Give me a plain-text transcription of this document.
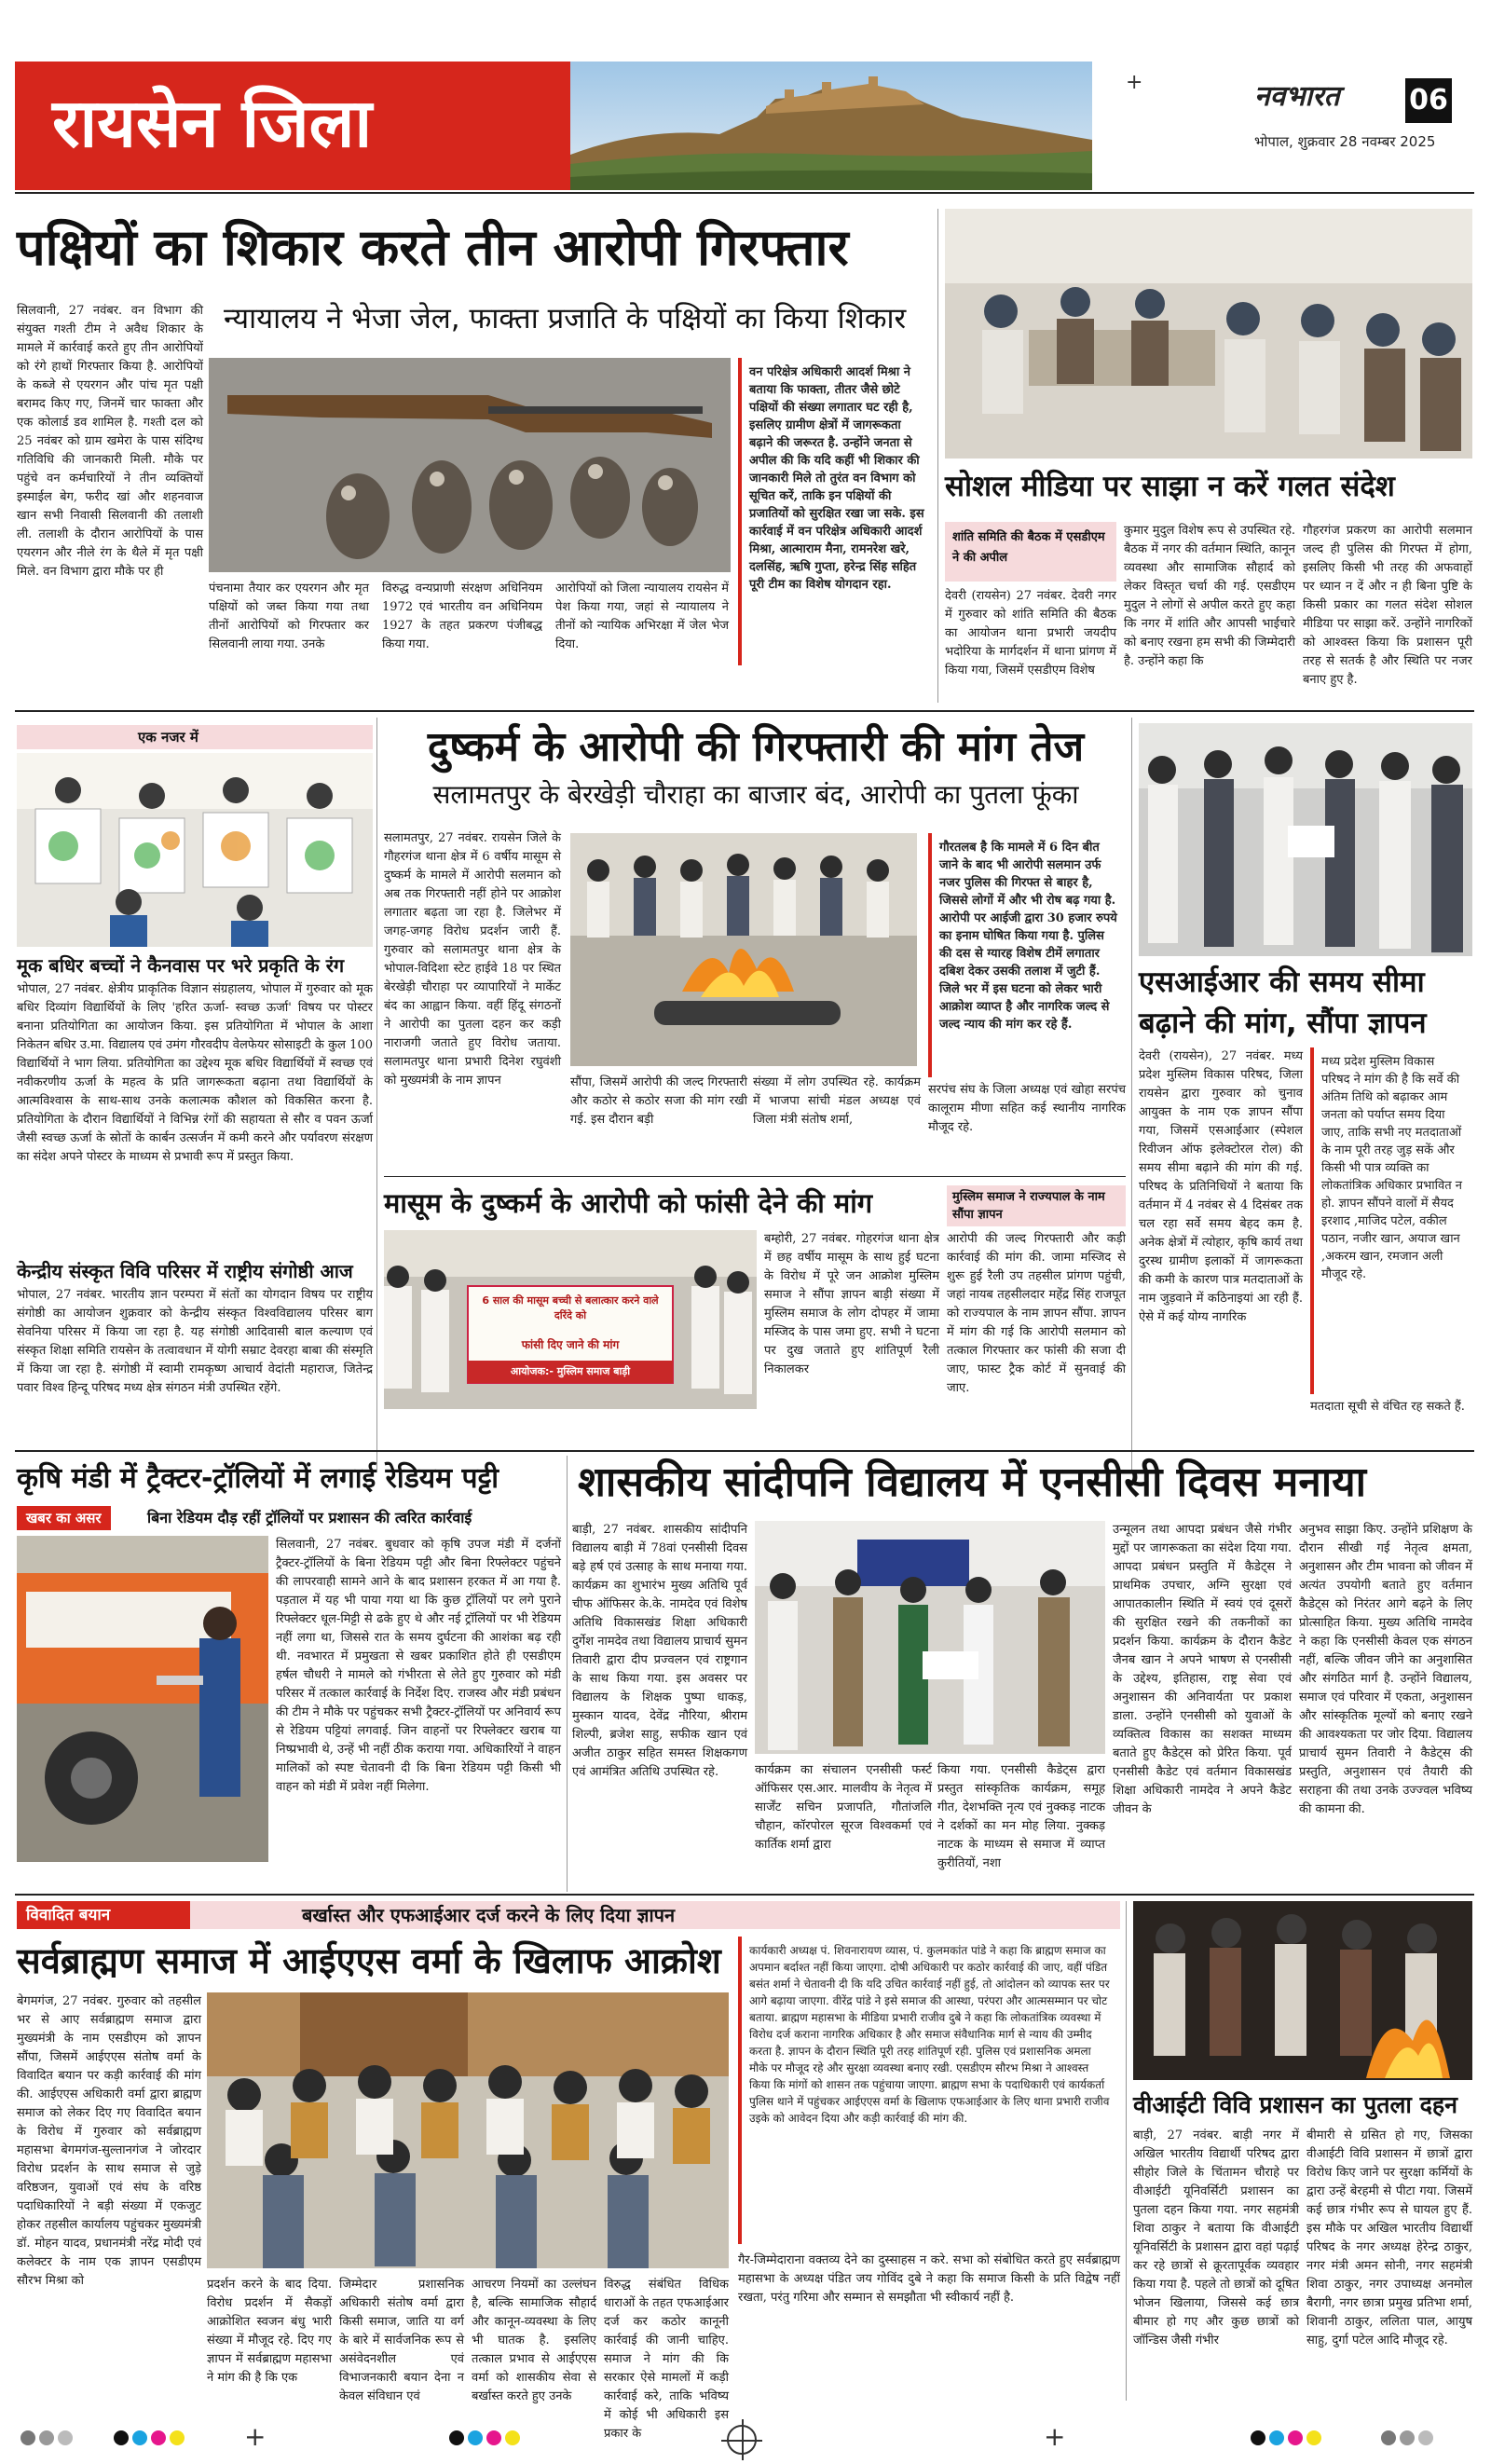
रायसेन जिला
+	नवभारत 06
भोपाल, शुक्रवार 28 नवम्बर 2025
पक्षियों का शिकार करते तीन आरोपी गिरफ्तार
न्यायालय ने भेजा जेल, फाक्ता प्रजाति के पक्षियों का किया शिकार
सिलवानी, 27 नवंबर. वन विभाग की संयुक्त गश्ती टीम ने अवैध शिकार के मामले में कार्रवाई करते हुए तीन आरोपियों को रंगे हाथों गिरफ्तार किया है. आरोपियों के कब्जे से एयरगन और पांच मृत पक्षी बरामद किए गए, जिनमें चार फाक्ता और एक कोलार्ड डव शामिल है. गश्ती दल को 25 नवंबर को ग्राम खमेरा के पास संदिग्ध गतिविधि की जानकारी मिली. मौके पर पहुंचे वन कर्मचारियों ने तीन व्यक्तियों इस्माईल बेग, फरीद खां और शहनवाज खान सभी निवासी सिलवानी की तलाशी ली. तलाशी के दौरान आरोपियों के पास एयरगन और नीले रंग के थैले में मृत पक्षी मिले. वन विभाग द्वारा मौके पर ही
वन परिक्षेत्र अधिकारी आदर्श मिश्रा ने बताया कि फाक्ता, तीतर जैसे छोटे पक्षियों की संख्या लगातार घट रही है, इसलिए ग्रामीण क्षेत्रों में जागरूकता बढ़ाने की जरूरत है. उन्होंने जनता से अपील की कि यदि कहीं भी शिकार की जानकारी मिले तो तुरंत वन विभाग को सूचित करें, ताकि इन पक्षियों की प्रजातियों को सुरक्षित रखा जा सके. इस कार्रवाई में वन परिक्षेत्र अधिकारी आदर्श मिश्रा, आत्माराम मैना, रामनरेश खरे, दलसिंह, ऋषि गुप्ता, हरेन्द्र सिंह सहित पूरी टीम का विशेष योगदान रहा.
पंचनामा तैयार कर एयरगन और मृत पक्षियों को जब्त किया गया तथा तीनों आरोपियों को गिरफ्तार कर सिलवानी लाया गया. उनके
विरुद्ध वन्यप्राणी संरक्षण अधिनियम 1972 एवं भारतीय वन अधिनियम 1927 के तहत प्रकरण पंजीबद्ध किया गया.
आरोपियों को जिला न्यायालय रायसेन में पेश किया गया, जहां से न्यायालय ने तीनों को न्यायिक अभिरक्षा में जेल भेज दिया.
सोशल मीडिया पर साझा न करें गलत संदेश
शांति समिति की बैठक में एसडीएम ने की अपील
देवरी (रायसेन) 27 नवंबर. देवरी नगर में गुरुवार को शांति समिति की बैठक का आयोजन थाना प्रभारी जयदीप भदोरिया के मार्गदर्शन में थाना प्रांगण में किया गया, जिसमें एसडीएम विशेष
कुमार मुदुल विशेष रूप से उपस्थित रहे. बैठक में नगर की वर्तमान स्थिति, कानून व्यवस्था और सामाजिक सौहार्द को लेकर विस्तृत चर्चा की गई. एसडीएम मुदुल ने लोगों से अपील करते हुए कहा कि नगर में शांति और आपसी भाईचारे को बनाए रखना हम सभी की जिम्मेदारी है. उन्होंने कहा कि
गौहरगंज प्रकरण का आरोपी सलमान जल्द ही पुलिस की गिरफ्त में होगा, इसलिए किसी भी तरह की अफवाहों पर ध्यान न दें और न ही बिना पुष्टि के किसी प्रकार का गलत संदेश सोशल मीडिया पर साझा करें. उन्होंने नागरिकों को आश्वस्त किया कि प्रशासन पूरी तरह से सतर्क है और स्थिति पर नजर बनाए हुए है.
एक नजर में
मूक बधिर बच्चों ने कैनवास पर भरे प्रकृति के रंग
भोपाल, 27 नवंबर. क्षेत्रीय प्राकृतिक विज्ञान संग्रहालय, भोपाल में गुरुवार को मूक बधिर दिव्यांग विद्यार्थियों के लिए 'हरित ऊर्जा- स्वच्छ ऊर्जा' विषय पर पोस्टर बनाना प्रतियोगिता का आयोजन किया. इस प्रतियोगिता में भोपाल के आशा निकेतन बधिर उ.मा. विद्यालय एवं उमंग गौरवदीप वेलफेयर सोसाइटी के कुल 100 विद्यार्थियों ने भाग लिया. प्रतियोगिता का उद्देश्य मूक बधिर विद्यार्थियों में स्वच्छ एवं नवीकरणीय ऊर्जा के महत्व के प्रति जागरूकता बढ़ाना तथा विद्यार्थियों के आत्मविश्वास के साथ-साथ उनके कलात्मक कौशल को विकसित करना है. प्रतियोगिता के दौरान विद्यार्थियों ने विभिन्न रंगों की सहायता से सौर व पवन ऊर्जा जैसी स्वच्छ ऊर्जा के स्रोतों के कार्बन उत्सर्जन में कमी करने और पर्यावरण संरक्षण का संदेश अपने पोस्टर के माध्यम से प्रभावी रूप में प्रस्तुत किया.
केन्द्रीय संस्कृत विवि परिसर में राष्ट्रीय संगोष्ठी आज
भोपाल, 27 नवंबर. भारतीय ज्ञान परम्परा में संतों का योगदान विषय पर राष्ट्रीय संगोष्ठी का आयोजन शुक्रवार को केन्द्रीय संस्कृत विश्वविद्यालय परिसर बाग सेवनिया परिसर में किया जा रहा है. यह संगोष्ठी आदिवासी बाल कल्याण एवं संस्कृत शिक्षा समिति रायसेन के तत्वावधान में योगी सम्राट देवरहा बाबा की संस्मृति में किया जा रहा है. संगोष्ठी में स्वामी रामकृष्ण आचार्य वेदांती महाराज, जितेन्द्र पवार विश्व हिन्दू परिषद मध्य क्षेत्र संगठन मंत्री उपस्थित रहेंगे.
दुष्कर्म के आरोपी की गिरफ्तारी की मांग तेज
सलामतपुर के बेरखेड़ी चौराहा का बाजार बंद, आरोपी का पुतला फूंका
सलामतपुर, 27 नवंबर. रायसेन जिले के गौहरगंज थाना क्षेत्र में 6 वर्षीय मासूम से दुष्कर्म के मामले में आरोपी सलमान को अब तक गिरफ्तारी नहीं होने पर आक्रोश लगातार बढ़ता जा रहा है. जिलेभर में जगह-जगह विरोध प्रदर्शन जारी हैं. गुरुवार को सलामतपुर थाना क्षेत्र के भोपाल-विदिशा स्टेट हाईवे 18 पर स्थित बेरखेड़ी चौराहा पर व्यापारियों ने मार्केट बंद का आह्वान किया. वहीं हिंदू संगठनों ने आरोपी का पुतला दहन कर कड़ी नाराजगी जताते हुए विरोध जताया. सलामतपुर थाना प्रभारी दिनेश रघुवंशी को मुख्यमंत्री के नाम ज्ञापन	सौंपा, जिसमें आरोपी की जल्द गिरफ्तारी और कठोर से कठोर सजा की मांग रखी गई. इस दौरान बड़ी
संख्या में लोग उपस्थित रहे. कार्यक्रम में भाजपा सांची मंडल अध्यक्ष एवं जिला मंत्री संतोष शर्मा,
गौरतलब है कि मामले में 6 दिन बीत जाने के बाद भी आरोपी सलमान उर्फ नजर पुलिस की गिरफ्त से बाहर है, जिससे लोगों में और भी रोष बढ़ गया है. आरोपी पर आईजी द्वारा 30 हजार रुपये का इनाम घोषित किया गया है. पुलिस की दस से ग्यारह विशेष टीमें लगातार दबिश देकर उसकी तलाश में जुटी हैं. जिले भर में इस घटना को लेकर भारी आक्रोश व्याप्त है और नागरिक जल्द से जल्द न्याय की मांग कर रहे हैं.
सरपंच संघ के जिला अध्यक्ष एवं खोहा सरपंच कालूराम मीणा सहित कई स्थानीय नागरिक मौजूद रहे.
मासूम के दुष्कर्म के आरोपी को फांसी देने की मांग	मुस्लिम समाज ने राज्यपाल के नाम सौंपा ज्ञापन
6 साल की मासूम बच्ची से बलात्कार करने वाले दरिंदे को
फांसी दिए जाने की मांग
आयोजक:- मुस्लिम समाज बाड़ी
बम्होरी, 27 नवंबर. गोहरगंज थाना क्षेत्र में छह वर्षीय मासूम के साथ हुई घटना के विरोध में पूरे जन आक्रोश मुस्लिम समाज ने सौंपा ज्ञापन बाड़ी संख्या में मुस्लिम समाज के लोग दोपहर में जामा मस्जिद के पास जमा हुए. सभी ने घटना पर दुख जताते हुए शांतिपूर्ण रैली निकालकर
आरोपी की जल्द गिरफ्तारी और कड़ी कार्रवाई की मांग की. जामा मस्जिद से शुरू हुई रैली उप तहसील प्रांगण पहुंची, जहां नायब तहसीलदार महेंद्र सिंह राजपूत को राज्यपाल के नाम ज्ञापन सौंपा. ज्ञापन में मांग की गई कि आरोपी सलमान को तत्काल गिरफ्तार कर फांसी की सजा दी जाए, फास्ट ट्रैक कोर्ट में सुनवाई की जाए.
एसआईआर की समय सीमा बढ़ाने की मांग, सौंपा ज्ञापन
देवरी (रायसेन), 27 नवंबर. मध्य प्रदेश मुस्लिम विकास परिषद, जिला रायसेन द्वारा गुरुवार को चुनाव आयुक्त के नाम एक ज्ञापन सौंपा गया, जिसमें एसआईआर (स्पेशल रिवीजन ऑफ इलेक्टोरल रोल) की समय सीमा बढ़ाने की मांग की गई. परिषद के प्रतिनिधियों ने बताया कि वर्तमान में 4 नवंबर से 4 दिसंबर तक चल रहा सर्वे समय बेहद कम है. अनेक क्षेत्रों में त्योहार, कृषि कार्य तथा दुरस्थ ग्रामीण इलाकों में जागरूकता की कमी के कारण पात्र मतदाताओं के नाम जुड़वाने में कठिनाइयां आ रही हैं. ऐसे में कई योग्य नागरिक
मध्य प्रदेश मुस्लिम विकास परिषद ने मांग की है कि सर्वे की अंतिम तिथि को बढ़ाकर आम जनता को पर्याप्त समय दिया जाए, ताकि सभी नए मतदाताओं के नाम पूरी तरह जुड़ सकें और किसी भी पात्र व्यक्ति का लोकतांत्रिक अधिकार प्रभावित न हो. ज्ञापन सौंपने वालों में सैयद इरशाद ,माजिद पटेल, वकील पठान, नजीर खान, अयाज खान ,अकरम खान, रमजान अली मौजूद रहे.
मतदाता सूची से वंचित रह सकते हैं.
कृषि मंडी में ट्रैक्टर-ट्रॉलियों में लगाई रेडियम पट्टी
खबर का असर	बिना रेडियम दौड़ रहीं ट्रॉलियों पर प्रशासन की त्वरित कार्रवाई
सिलवानी, 27 नवंबर. बुधवार को कृषि उपज मंडी में दर्जनों ट्रैक्टर-ट्रॉलियों के बिना रेडियम पट्टी और बिना रिफ्लेक्टर पहुंचने की लापरवाही सामने आने के बाद प्रशासन हरकत में आ गया है. पड़ताल में यह भी पाया गया था कि कुछ ट्रॉलियों पर लगे पुराने रिफ्लेक्टर धूल-मिट्टी से ढके हुए थे और नई ट्रॉलियों पर भी रेडियम नहीं लगा था, जिससे रात के समय दुर्घटना की आशंका बढ़ रही थी. नवभारत में प्रमुखता से खबर प्रकाशित होते ही एसडीएम हर्षल चौधरी ने मामले को गंभीरता से लेते हुए गुरुवार को मंडी परिसर में तत्काल कार्रवाई के निर्देश दिए. राजस्व और मंडी प्रबंधन की टीम ने मौके पर पहुंचकर सभी ट्रैक्टर-ट्रॉलियों पर अनिवार्य रूप से रेडियम पट्टियां लगवाई. जिन वाहनों पर रिफ्लेक्टर खराब या निष्प्रभावी थे, उन्हें भी नहीं ठीक कराया गया. अधिकारियों ने वाहन मालिकों को स्पष्ट चेतावनी दी कि बिना रेडियम पट्टी किसी भी वाहन को मंडी में प्रवेश नहीं मिलेगा.
शासकीय सांदीपनि विद्यालय में एनसीसी दिवस मनाया
बाड़ी, 27 नवंबर. शासकीय सांदीपनि विद्यालय बाड़ी में 78वां एनसीसी दिवस बड़े हर्ष एवं उत्साह के साथ मनाया गया. कार्यक्रम का शुभारंभ मुख्य अतिथि पूर्व चीफ ऑफिसर के.के. नामदेव एवं विशेष अतिथि विकासखंड शिक्षा अधिकारी दुर्गेश नामदेव तथा विद्यालय प्राचार्य सुमन तिवारी द्वारा दीप प्रज्वलन एवं राष्ट्रगान के साथ किया गया. इस अवसर पर विद्यालय के शिक्षक पुष्पा धाकड़, मुस्कान यादव, देवेंद्र नौरिया, श्रीराम शिल्पी, ब्रजेश साहु, सफीक खान एवं अजीत ठाकुर सहित समस्त शिक्षकगण एवं आमंत्रित अतिथि उपस्थित रहे.	कार्यक्रम का संचालन एनसीसी फर्स्ट ऑफिसर एस.आर. मालवीय के नेतृत्व में सार्जेंट सचिन प्रजापति, गौतांजलि चौहान, कॉरपोरल सूरज विश्वकर्मा एवं कार्तिक शर्मा द्वारा
किया गया. एनसीसी कैडेट्स द्वारा प्रस्तुत सांस्कृतिक कार्यक्रम, समूह गीत, देशभक्ति नृत्य एवं नुक्कड़ नाटक ने दर्शकों का मन मोह लिया. नुक्कड़ नाटक के माध्यम से समाज में व्याप्त कुरीतियों, नशा
उन्मूलन तथा आपदा प्रबंधन जैसे गंभीर मुद्दों पर जागरूकता का संदेश दिया गया. आपदा प्रबंधन प्रस्तुति में कैडेट्स ने प्राथमिक उपचार, अग्नि सुरक्षा एवं आपातकालीन स्थिति में स्वयं एवं दूसरों की सुरक्षित रखने की तकनीकों का प्रदर्शन किया. कार्यक्रम के दौरान कैडेट जैनब खान ने अपने भाषण से एनसीसी के उद्देश्य, इतिहास, राष्ट्र सेवा एवं अनुशासन की अनिवार्यता पर प्रकाश डाला. उन्होंने एनसीसी को युवाओं के व्यक्तित्व विकास का सशक्त माध्यम बताते हुए कैडेट्स को प्रेरित किया. पूर्व एनसीसी कैडेट एवं वर्तमान विकासखंड शिक्षा अधिकारी नामदेव ने अपने कैडेट जीवन के
अनुभव साझा किए. उन्होंने प्रशिक्षण के दौरान सीखी गई नेतृत्व क्षमता, अनुशासन और टीम भावना को जीवन में अत्यंत उपयोगी बताते हुए वर्तमान कैडेट्स को निरंतर आगे बढ़ने के लिए प्रोत्साहित किया. मुख्य अतिथि नामदेव ने कहा कि एनसीसी केवल एक संगठन नहीं, बल्कि जीवन जीने का अनुशासित और संगठित मार्ग है. उन्होंने विद्यालय, समाज एवं परिवार में एकता, अनुशासन और सांस्कृतिक मूल्यों को बनाए रखने की आवश्यकता पर जोर दिया. विद्यालय प्राचार्य सुमन तिवारी ने कैडेट्स की प्रस्तुति, अनुशासन एवं तैयारी की सराहना की तथा उनके उज्ज्वल भविष्य की कामना की.
विवादित बयान	बर्खास्त और एफआईआर दर्ज करने के लिए दिया ज्ञापन
सर्वब्राह्मण समाज में आईएएस वर्मा के खिलाफ आक्रोश
बेगमगंज, 27 नवंबर. गुरुवार को तहसील भर से आए सर्वब्राह्मण समाज द्वारा मुख्यमंत्री के नाम एसडीएम को ज्ञापन सौंपा, जिसमें आईएएस संतोष वर्मा के विवादित बयान पर कड़ी कार्रवाई की मांग की. आईएएस अधिकारी वर्मा द्वारा ब्राह्मण समाज को लेकर दिए गए विवादित बयान के विरोध में गुरुवार को सर्वब्राह्मण महासभा बेगमगंज-सुल्तानगंज ने जोरदार विरोध प्रदर्शन के साथ समाज से जुड़े वरिष्ठजन, युवाओं एवं संघ के वरिष्ठ पदाधिकारियों ने बड़ी संख्या में एकजुट होकर तहसील कार्यालय पहुंचकर मुख्यमंत्री डॉ. मोहन यादव, प्रधानमंत्री नरेंद्र मोदी एवं कलेक्टर के नाम एक ज्ञापन एसडीएम सौरभ मिश्रा को	प्रदर्शन करने के बाद दिया. विरोध प्रदर्शन में सैकड़ों आक्रोशित स्वजन बंधु भारी संख्या में मौजूद रहे. दिए गए ज्ञापन में सर्वब्राह्मण महासभा ने मांग की है कि एक
जिम्मेदार प्रशासनिक अधिकारी संतोष वर्मा द्वारा किसी समाज, जाति या वर्ग के बारे में सार्वजनिक रूप से असंवेदनशील एवं विभाजनकारी बयान देना न केवल संविधान एवं
आचरण नियमों का उल्लंघन है, बल्कि सामाजिक सौहार्द और कानून-व्यवस्था के लिए भी घातक है. इसलिए तत्काल प्रभाव से आईएएस वर्मा को शासकीय सेवा से बर्खास्त करते हुए उनके
विरुद्ध संबंधित विधिक धाराओं के तहत एफआईआर दर्ज कर कठोर कानूनी कार्रवाई की जानी चाहिए. समाज ने मांग की कि सरकार ऐसे मामलों में कड़ी कार्रवाई करे, ताकि भविष्य में कोई भी अधिकारी इस प्रकार के
कार्यकारी अध्यक्ष पं. शिवनारायण व्यास, पं. कुलमकांत पांडे ने कहा कि ब्राह्मण समाज का अपमान बर्दाश्त नहीं किया जाएगा. दोषी अधिकारी पर कठोर कार्रवाई की जाए, वहीं पंडित बसंत शर्मा ने चेतावनी दी कि यदि उचित कार्रवाई नहीं हुई, तो आंदोलन को व्यापक स्तर पर आगे बढ़ाया जाएगा. वीरेंद्र पांडे ने इसे समाज की आस्था, परंपरा और आत्मसम्मान पर चोट बताया. ब्राह्मण महासभा के मीडिया प्रभारी राजीव दुबे ने कहा कि लोकतांत्रिक व्यवस्था में विरोध दर्ज कराना नागरिक अधिकार है और समाज संवैधानिक मार्ग से न्याय की उम्मीद करता है. ज्ञापन के दौरान स्थिति पूरी तरह शांतिपूर्ण रही. पुलिस एवं प्रशासनिक अमला मौके पर मौजूद रहे और सुरक्षा व्यवस्था बनाए रखी. एसडीएम सौरभ मिश्रा ने आश्वस्त किया कि मांगों को शासन तक पहुंचाया जाएगा. ब्राह्मण सभा के पदाधिकारी एवं कार्यकर्ता पुलिस थाने में पहुंचकर आईएएस वर्मा के खिलाफ एफआईआर के लिए थाना प्रभारी राजीव उइके को आवेदन दिया और कड़ी कार्रवाई की मांग की.
गैर-जिम्मेदाराना वक्तव्य देने का दुस्साहस न करे. सभा को संबोधित करते हुए सर्वब्राह्मण महासभा के अध्यक्ष पंडित जय गोविंद दुबे ने कहा कि समाज किसी के प्रति विद्वेष नहीं रखता, परंतु गरिमा और सम्मान से समझौता भी स्वीकार्य नहीं है.
वीआईटी विवि प्रशासन का पुतला दहन
बाड़ी, 27 नवंबर. बाड़ी नगर में अखिल भारतीय विद्यार्थी परिषद द्वारा सीहोर जिले के चिंतामन चौराहे पर वीआईटी यूनिवर्सिटी प्रशासन का पुतला दहन किया गया. नगर सहमंत्री शिवा ठाकुर ने बताया कि वीआईटी यूनिवर्सिटी के प्रशासन द्वारा वहां पढ़ाई कर रहे छात्रों से क्रूरतापूर्वक व्यवहार किया गया है. पहले तो छात्रों को दूषित भोजन खिलाया, जिससे कई छात्र बीमार हो गए और कुछ छात्रों को जॉन्डिस जैसी गंभीर
बीमारी से ग्रसित हो गए, जिसका वीआईटी विवि प्रशासन में छात्रों द्वारा विरोध किए जाने पर सुरक्षा कर्मियों के द्वारा उन्हें बेरहमी से पीटा गया. जिसमें कई छात्र गंभीर रूप से घायल हुए हैं. इस मौके पर अखिल भारतीय विद्यार्थी परिषद के नगर अध्यक्ष हेरेन्द्र ठाकुर, नगर मंत्री अमन सोनी, नगर सहमंत्री शिवा ठाकुर, नगर उपाध्यक्ष अनमोल बैरागी, नगर छात्रा प्रमुख प्रतिभा शर्मा, शिवानी ठाकुर, ललिता पाल, आयुष साहु, दुर्गा पटेल आदि मौजूद रहे.
+	+
